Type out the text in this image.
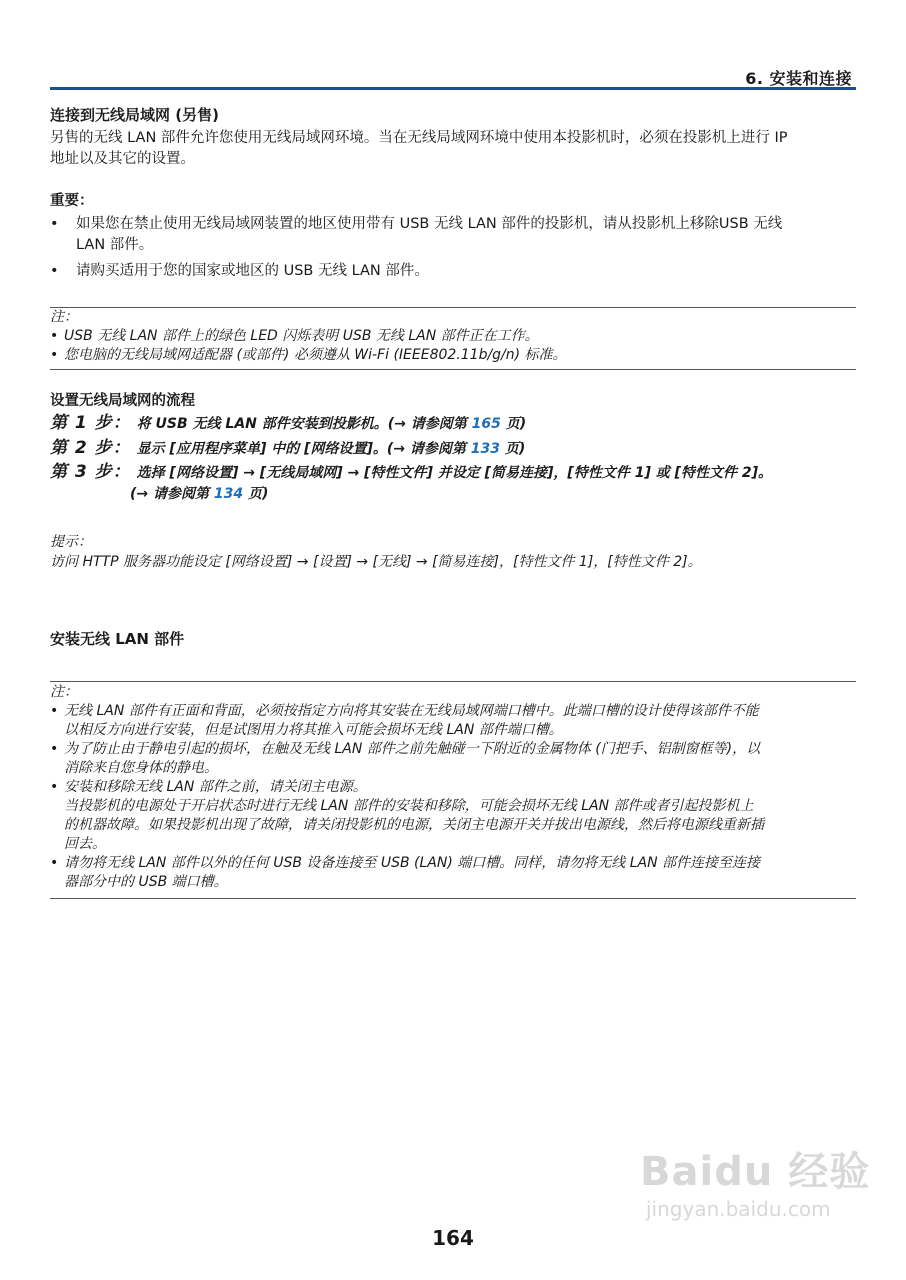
6. 安装和连接
连接到无线局域网 (另售)
另售的无线 LAN 部件允许您使用无线局域网环境。当在无线局域网环境中使用本投影机时，必须在投影机上进行 IP
地址以及其它的设置。
重要：
• 如果您在禁止使用无线局域网装置的地区使用带有 USB 无线 LAN 部件的投影机，请从投影机上移除USB 无线
LAN 部件。
• 请购买适用于您的国家或地区的 USB 无线 LAN 部件。
注：
• USB 无线 LAN 部件上的绿色 LED 闪烁表明 USB 无线 LAN 部件正在工作。
• 您电脑的无线局域网适配器 (或部件) 必须遵从 Wi-Fi (IEEE802.11b/g/n) 标准。
设置无线局域网的流程
第 1 步： 将 USB 无线 LAN 部件安装到投影机。(→ 请参阅第 165 页)
第 2 步： 显示 [应用程序菜单] 中的 [网络设置]。(→ 请参阅第 133 页)
第 3 步： 选择 [网络设置] → [无线局域网] → [特性文件] 并设定 [简易连接]，[特性文件 1] 或 [特性文件 2]。
(→ 请参阅第 134 页)
提示：
访问 HTTP 服务器功能设定 [网络设置] → [设置] → [无线] → [简易连接]，[特性文件 1]，[特性文件 2]。
安装无线 LAN 部件
注：
• 无线 LAN 部件有正面和背面，必须按指定方向将其安装在无线局域网端口槽中。此端口槽的设计使得该部件不能
以相反方向进行安装，但是试图用力将其推入可能会损坏无线 LAN 部件端口槽。
• 为了防止由于静电引起的损坏，在触及无线 LAN 部件之前先触碰一下附近的金属物体 (门把手、铝制窗框等)，以
消除来自您身体的静电。
• 安装和移除无线 LAN 部件之前，请关闭主电源。
当投影机的电源处于开启状态时进行无线 LAN 部件的安装和移除，可能会损坏无线 LAN 部件或者引起投影机上
的机器故障。如果投影机出现了故障，请关闭投影机的电源，关闭主电源开关并拔出电源线，然后将电源线重新插
回去。
• 请勿将无线 LAN 部件以外的任何 USB 设备连接至 USB (LAN) 端口槽。同样，请勿将无线 LAN 部件连接至连接
器部分中的 USB 端口槽。
Baidu 经验
jingyan.baidu.com
164
